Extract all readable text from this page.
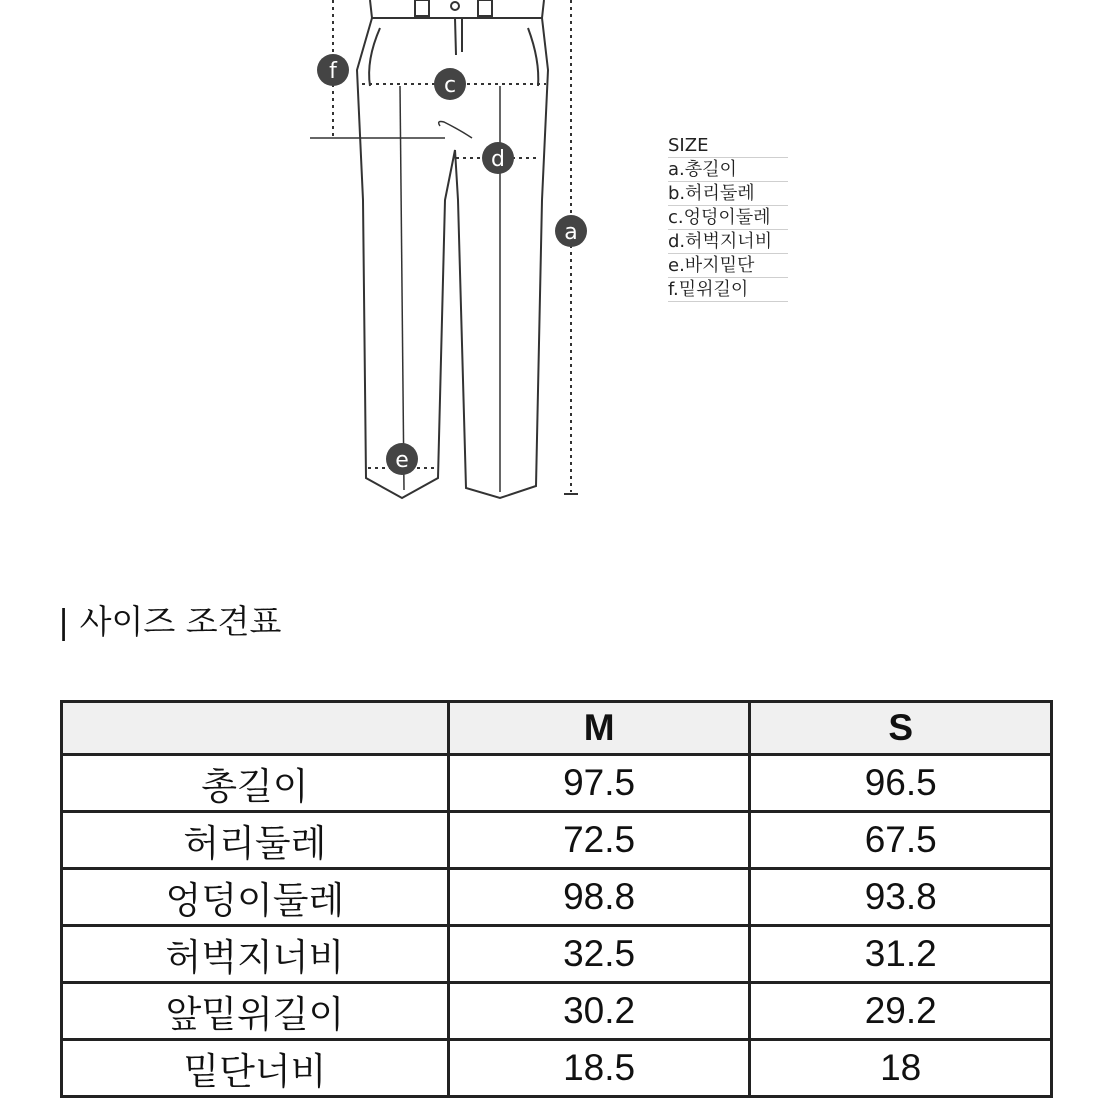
f
c
d
a
e
SIZE
a.총길이
b.허리둘레
c.엉덩이둘레
d.허벅지너비
e.바지밑단
f.밑위길이
| 사이즈 조견표
	M	S
총길이	97.5	96.5
허리둘레	72.5	67.5
엉덩이둘레	98.8	93.8
허벅지너비	32.5	31.2
앞밑위길이	30.2	29.2
밑단너비	18.5	18
